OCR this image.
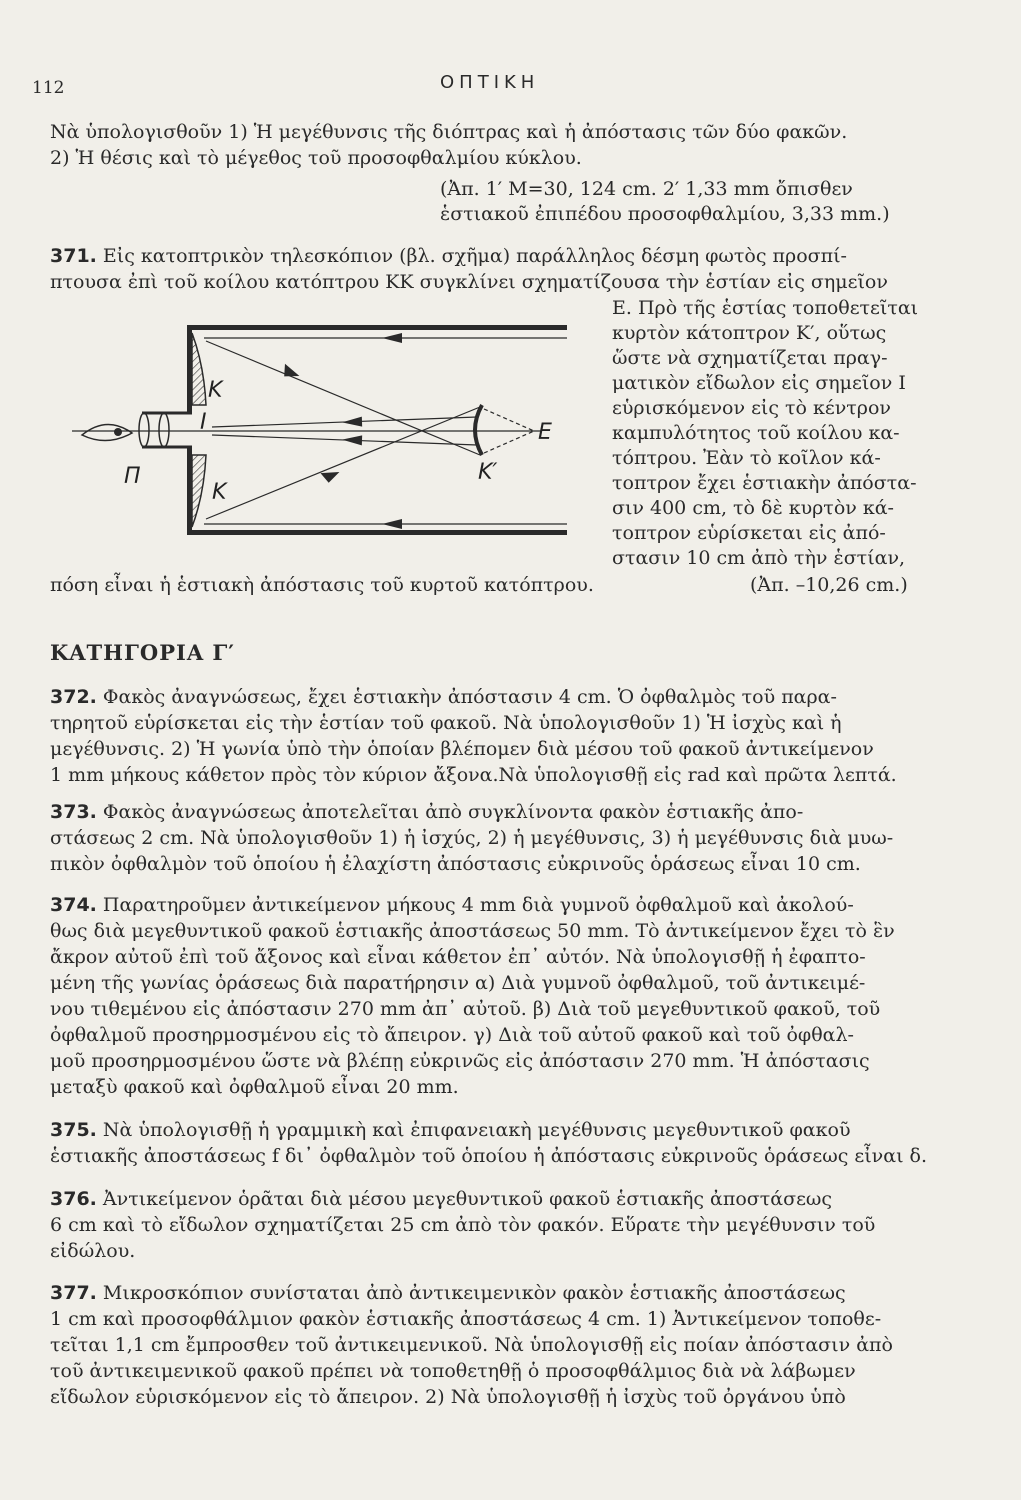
112	ΟΠΤΙΚΗ
Νὰ ὑπολογισθοῦν 1) Ἡ μεγέθυνσις τῆς διόπτρας καὶ ἡ ἀπόστασις τῶν δύο φακῶν.
2) Ἡ θέσις καὶ τὸ μέγεθος τοῦ προσοφθαλμίου κύκλου.
(Ἀπ. 1′ M=30, 124 cm. 2′ 1,33 mm ὄπισθεν
ἑστιακοῦ ἐπιπέδου προσοφθαλμίου, 3,33 mm.)
371. Εἰς κατοπτρικὸν τηλεσκόπιον (βλ. σχῆμα) παράλληλος δέσμη φωτὸς προσπί-
πτουσα ἐπὶ τοῦ κοίλου κατόπτρου ΚΚ συγκλίνει σχηματίζουσα τὴν ἑστίαν εἰς σημεῖον
Ε. Πρὸ τῆς ἑστίας τοποθετεῖται
κυρτὸν κάτοπτρον Κ′, οὕτως
ὥστε νὰ σχηματίζεται πραγ-
ματικὸν εἴδωλον εἰς σημεῖον Ι
εὑρισκόμενον εἰς τὸ κέντρον
καμπυλότητος τοῦ κοίλου κα-
τόπτρου. Ἐὰν τὸ κοῖλον κά-
τοπτρον ἔχει ἑστιακὴν ἀπόστα-
σιν 400 cm, τὸ δὲ κυρτὸν κά-
τοπτρον εὑρίσκεται εἰς ἀπό-
στασιν 10 cm ἀπὸ τὴν ἑστίαν,
πόση εἶναι ἡ ἑστιακὴ ἀπόστασις τοῦ κυρτοῦ κατόπτρου.	(Ἀπ. –10,26 cm.)
Κ
Ι
Κ
Π	Κ′
Ε
ΚΑΤΗΓΟΡΙΑ Γ′
372. Φακὸς ἀναγνώσεως, ἔχει ἑστιακὴν ἀπόστασιν 4 cm. Ὁ ὀφθαλμὸς τοῦ παρα-
τηρητοῦ εὑρίσκεται εἰς τὴν ἑστίαν τοῦ φακοῦ. Νὰ ὑπολογισθοῦν 1) Ἡ ἰσχὺς καὶ ἡ
μεγέθυνσις. 2) Ἡ γωνία ὑπὸ τὴν ὁποίαν βλέπομεν διὰ μέσου τοῦ φακοῦ ἀντικείμενον
1 mm μήκους κάθετον πρὸς τὸν κύριον ἄξονα.Νὰ ὑπολογισθῇ εἰς rad καὶ πρῶτα λεπτά.
373. Φακὸς ἀναγνώσεως ἀποτελεῖται ἀπὸ συγκλίνοντα φακὸν ἑστιακῆς ἀπο-
στάσεως 2 cm. Νὰ ὑπολογισθοῦν 1) ἡ ἰσχύς, 2) ἡ μεγέθυνσις, 3) ἡ μεγέθυνσις διὰ μυω-
πικὸν ὀφθαλμὸν τοῦ ὁποίου ἡ ἐλαχίστη ἀπόστασις εὐκρινοῦς ὁράσεως εἶναι 10 cm.
374. Παρατηροῦμεν ἀντικείμενον μήκους 4 mm διὰ γυμνοῦ ὀφθαλμοῦ καὶ ἀκολού-
θως διὰ μεγεθυντικοῦ φακοῦ ἑστιακῆς ἀποστάσεως 50 mm. Τὸ ἀντικείμενον ἔχει τὸ ἓν
ἄκρον αὐτοῦ ἐπὶ τοῦ ἄξονος καὶ εἶναι κάθετον ἐπ᾽ αὐτόν. Νὰ ὑπολογισθῇ ἡ ἐφαπτο-
μένη τῆς γωνίας ὁράσεως διὰ παρατήρησιν α) Διὰ γυμνοῦ ὀφθαλμοῦ, τοῦ ἀντικειμέ-
νου τιθεμένου εἰς ἀπόστασιν 270 mm ἀπ᾽ αὐτοῦ. β) Διὰ τοῦ μεγεθυντικοῦ φακοῦ, τοῦ
ὀφθαλμοῦ προσηρμοσμένου εἰς τὸ ἄπειρον. γ) Διὰ τοῦ αὐτοῦ φακοῦ καὶ τοῦ ὀφθαλ-
μοῦ προσηρμοσμένου ὥστε νὰ βλέπῃ εὐκρινῶς εἰς ἀπόστασιν 270 mm. Ἡ ἀπόστασις
μεταξὺ φακοῦ καὶ ὀφθαλμοῦ εἶναι 20 mm.
375. Νὰ ὑπολογισθῇ ἡ γραμμικὴ καὶ ἐπιφανειακὴ μεγέθυνσις μεγεθυντικοῦ φακοῦ
ἑστιακῆς ἀποστάσεως f δι᾽ ὀφθαλμὸν τοῦ ὁποίου ἡ ἀπόστασις εὐκρινοῦς ὁράσεως εἶναι δ.
376. Ἀντικείμενον ὁρᾶται διὰ μέσου μεγεθυντικοῦ φακοῦ ἑστιακῆς ἀποστάσεως
6 cm καὶ τὸ εἴδωλον σχηματίζεται 25 cm ἀπὸ τὸν φακόν. Εὕρατε τὴν μεγέθυνσιν τοῦ
εἰδώλου.
377. Μικροσκόπιον συνίσταται ἀπὸ ἀντικειμενικὸν φακὸν ἑστιακῆς ἀποστάσεως
1 cm καὶ προσοφθάλμιον φακὸν ἑστιακῆς ἀποστάσεως 4 cm. 1) Ἀντικείμενον τοποθε-
τεῖται 1,1 cm ἔμπροσθεν τοῦ ἀντικειμενικοῦ. Νὰ ὑπολογισθῇ εἰς ποίαν ἀπόστασιν ἀπὸ
τοῦ ἀντικειμενικοῦ φακοῦ πρέπει νὰ τοποθετηθῇ ὁ προσοφθάλμιος διὰ νὰ λάβωμεν
εἴδωλον εὑρισκόμενον εἰς τὸ ἄπειρον. 2) Νὰ ὑπολογισθῇ ἡ ἰσχὺς τοῦ ὀργάνου ὑπὸ
